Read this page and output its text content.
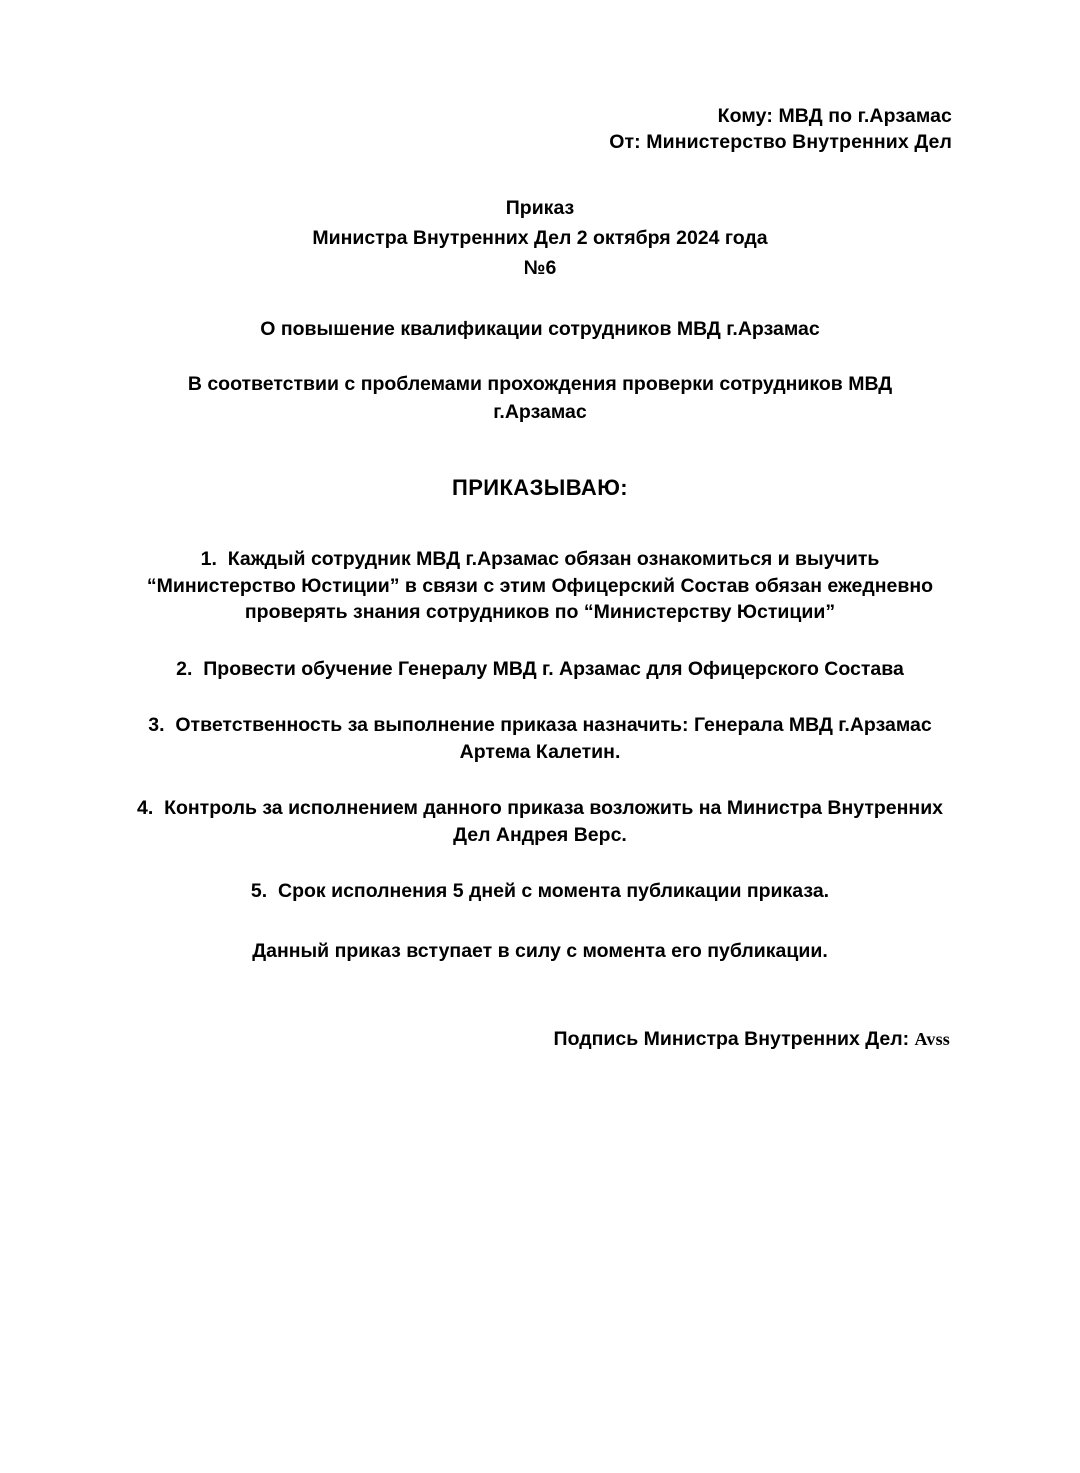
Кому: МВД по г.Арзамас
От: Министерство Внутренних Дел
Приказ
Министра Внутренних Дел 2 октября 2024 года
№6
О повышение квалификации сотрудников МВД г.Арзамас
В соответствии с проблемами прохождения проверки сотрудников МВД г.Арзамас
ПРИКАЗЫВАЮ:
Каждый сотрудник МВД г.Арзамас обязан ознакомиться и выучить “Министерство Юстиции” в связи с этим Офицерский Состав обязан ежедневно проверять знания сотрудников по “Министерству Юстиции”
Провести обучение Генералу МВД г. Арзамас для Офицерского Состава
Ответственность за выполнение приказа назначить: Генерала МВД г.Арзамас Артема Калетин.
Контроль за исполнением данного приказа возложить на Министра Внутренних Дел Андрея Верс.
Срок исполнения 5 дней с момента публикации приказа.
Данный приказ вступает в силу с момента его публикации.
Подпись Министра Внутренних Дел: Avss
